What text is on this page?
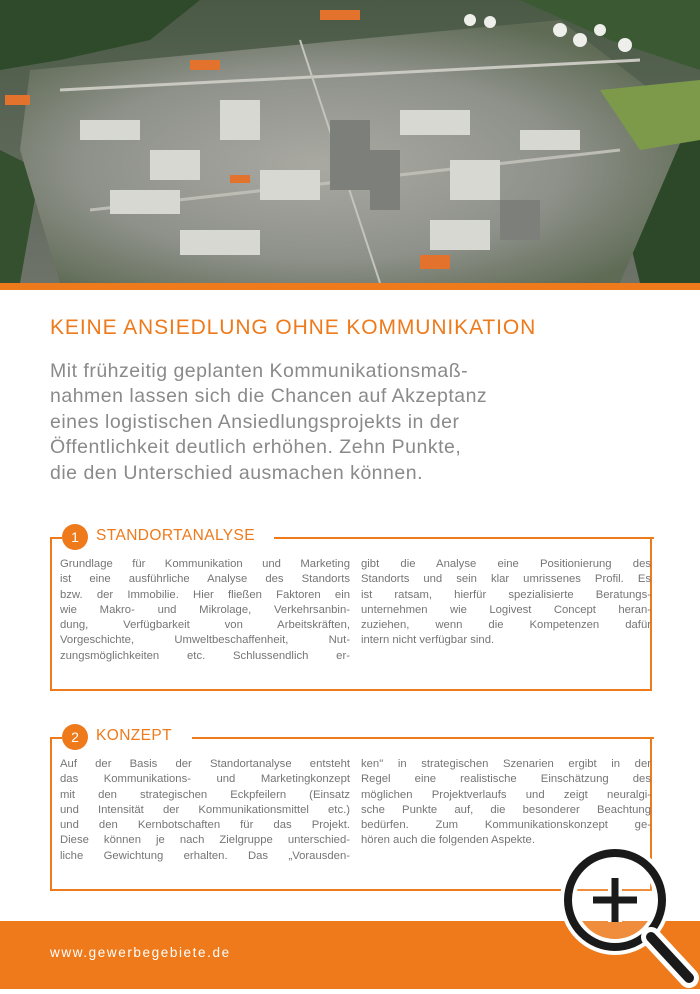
KEINE ANSIEDLUNG OHNE KOMMUNIKATION
Mit frühzeitig geplanten Kommunikationsmaß-
nahmen lassen sich die Chancen auf Akzeptanz
eines logistischen Ansiedlungsprojekts in der
Öffentlichkeit deutlich erhöhen. Zehn Punkte,
die den Unterschied ausmachen können.
1	STANDORTANALYSE
Grundlage für Kommunikation und Marketing
ist eine ausführliche Analyse des Standorts
bzw. der Immobilie. Hier fließen Faktoren ein
wie Makro- und Mikrolage, Verkehrsanbin-
dung, Verfügbarkeit von Arbeitskräften,
Vorgeschichte, Umweltbeschaffenheit, Nut-
zungsmöglichkeiten etc. Schlussendlich er-
gibt die Analyse eine Positionierung des
Standorts und sein klar umrissenes Profil. Es
ist ratsam, hierfür spezialisierte Beratungs-
unternehmen wie Logivest Concept heran-
zuziehen, wenn die Kompetenzen dafür
intern nicht verfügbar sind.
2	KONZEPT
Auf der Basis der Standortanalyse entsteht
das Kommunikations- und Marketingkonzept
mit den strategischen Eckpfeilern (Einsatz
und Intensität der Kommunikationsmittel etc.)
und den Kernbotschaften für das Projekt.
Diese können je nach Zielgruppe unterschied-
liche Gewichtung erhalten. Das „Vorausden-
ken" in strategischen Szenarien ergibt in der
Regel eine realistische Einschätzung des
möglichen Projektverlaufs und zeigt neuralgi-
sche Punkte auf, die besonderer Beachtung
bedürfen. Zum Kommunikationskonzept ge-
hören auch die folgenden Aspekte.
www.gewerbegebiete.de
